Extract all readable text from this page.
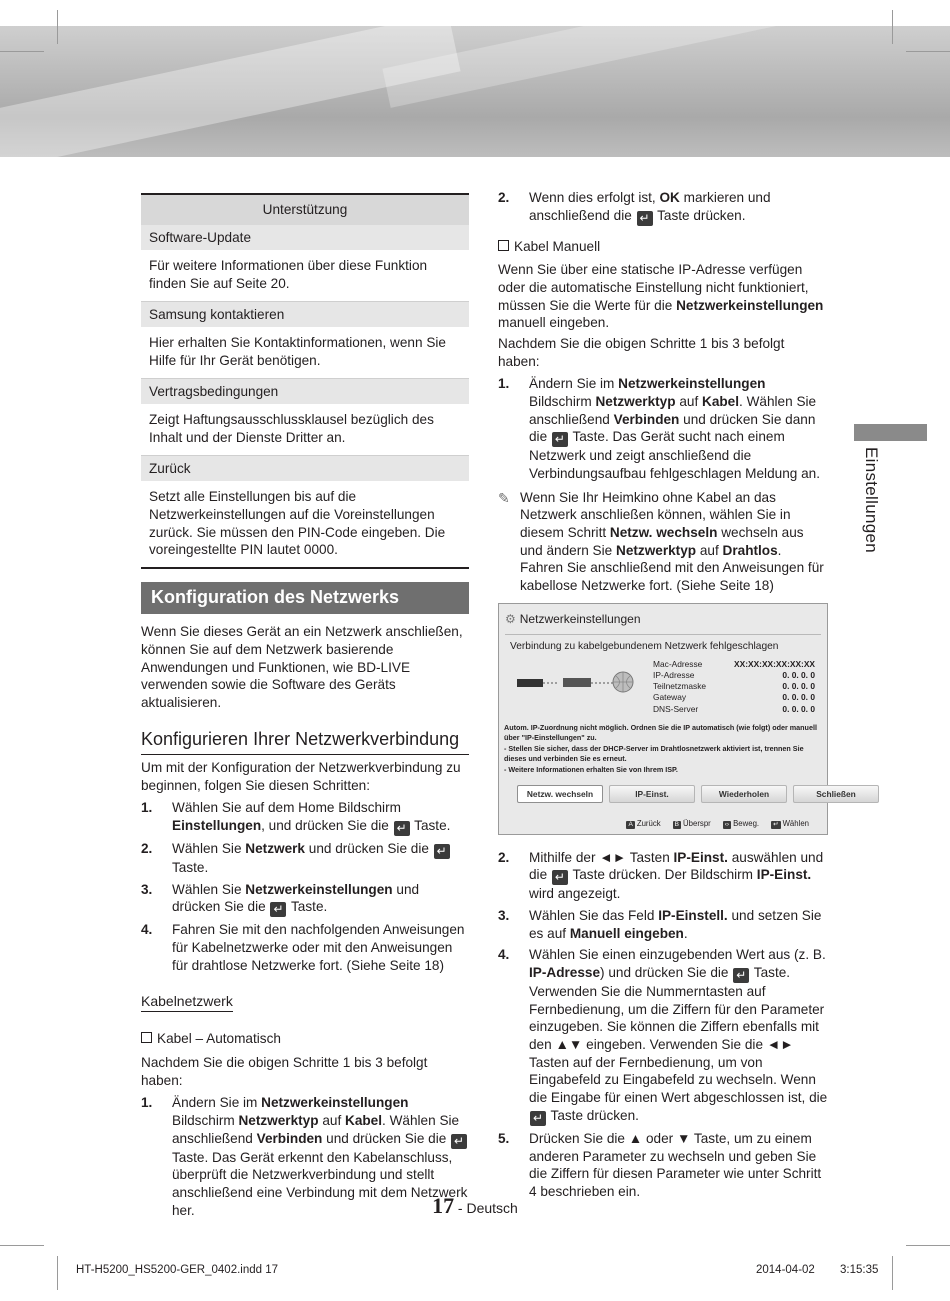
Einstellungen
Unterstützung
Software-Update
Für weitere Informationen über diese Funktion finden Sie auf Seite 20.
Samsung kontaktieren
Hier erhalten Sie Kontaktinformationen, wenn Sie Hilfe für Ihr Gerät benötigen.
Vertragsbedingungen
Zeigt Haftungsausschlussklausel bezüglich des Inhalt und der Dienste Dritter an.
Zurück
Setzt alle Einstellungen bis auf die Netzwerkeinstellungen auf die Voreinstellungen zurück. Sie müssen den PIN-Code eingeben. Die voreingestellte PIN lautet 0000.
Konfiguration des Netzwerks

Wenn Sie dieses Gerät an ein Netzwerk anschließen, können Sie auf dem Netzwerk basierende Anwendungen und Funktionen, wie BD-LIVE verwenden sowie die Software des Geräts aktualisieren.

Konfigurieren Ihrer Netzwerkverbindung

Um mit der Konfiguration der Netzwerkverbindung zu beginnen, folgen Sie diesen Schritten:

1. Wählen Sie auf dem Home Bildschirm Einstellungen, und drücken Sie die ↵ Taste.
2. Wählen Sie Netzwerk und drücken Sie die ↵ Taste.
3. Wählen Sie Netzwerkeinstellungen und drücken Sie die ↵ Taste.
4. Fahren Sie mit den nachfolgenden Anweisungen für Kabelnetzwerke oder mit den Anweisungen für drahtlose Netzwerke fort. (Siehe Seite 18)
Kabelnetzwerk
Kabel – Automatisch

Nachdem Sie die obigen Schritte 1 bis 3 befolgt haben:

1. Ändern Sie im Netzwerkeinstellungen Bildschirm Netzwerktyp auf Kabel. Wählen Sie anschließend Verbinden und drücken Sie die ↵ Taste. Das Gerät erkennt den Kabelanschluss, überprüft die Netzwerkverbindung und stellt anschließend eine Verbindung mit dem Netzwerk her.
2. Wenn dies erfolgt ist, OK markieren und anschließend die ↵ Taste drücken.
Kabel Manuell

Wenn Sie über eine statische IP-Adresse verfügen oder die automatische Einstellung nicht funktioniert, müssen Sie die Werte für die Netzwerkeinstellungen manuell eingeben.

Nachdem Sie die obigen Schritte 1 bis 3 befolgt haben:

1. Ändern Sie im Netzwerkeinstellungen Bildschirm Netzwerktyp auf Kabel. Wählen Sie anschließend Verbinden und drücken Sie dann die ↵ Taste. Das Gerät sucht nach einem Netzwerk und zeigt anschließend die Verbindungsaufbau fehlgeschlagen Meldung an.
✎ Wenn Sie Ihr Heimkino ohne Kabel an das Netzwerk anschließen können, wählen Sie in diesem Schritt Netzw. wechseln wechseln aus und ändern Sie Netzwerktyp auf Drahtlos. Fahren Sie anschließend mit den Anweisungen für kabellose Netzwerke fort. (Siehe Seite 18)
⚙ Netzwerkeinstellungen
Verbindung zu kabelgebundenem Netzwerk fehlgeschlagen
Mac-Adresse	XX:XX:XX:XX:XX:XX
IP-Adresse	0. 0. 0. 0
Teilnetzmaske	0. 0. 0. 0
Gateway	0. 0. 0. 0
DNS-Server	0. 0. 0. 0
Autom. IP-Zuordnung nicht möglich. Ordnen Sie die IP automatisch (wie folgt) oder manuell über "IP-Einstellungen" zu.
- Stellen Sie sicher, dass der DHCP-Server im Drahtlosnetzwerk aktiviert ist, trennen Sie dieses und verbinden Sie es erneut.
- Weitere Informationen erhalten Sie von Ihrem ISP.
Netzw. wechseln	IP-Einst.	Wiederholen	Schließen
A Zurück	B Überspr	‹› Beweg.	↵ Wählen
2. Mithilfe der ◄► Tasten IP-Einst. auswählen und die ↵ Taste drücken. Der Bildschirm IP-Einst. wird angezeigt.
3. Wählen Sie das Feld IP-Einstell. und setzen Sie es auf Manuell eingeben.
4. Wählen Sie einen einzugebenden Wert aus (z. B. IP-Adresse) und drücken Sie die ↵ Taste. Verwenden Sie die Nummerntasten auf Fernbedienung, um die Ziffern für den Parameter einzugeben. Sie können die Ziffern ebenfalls mit den ▲▼ eingeben. Verwenden Sie die ◄► Tasten auf der Fernbedienung, um von Eingabefeld zu Eingabefeld zu wechseln. Wenn die Eingabe für einen Wert abgeschlossen ist, die ↵ Taste drücken.
5. Drücken Sie die ▲ oder ▼ Taste, um zu einem anderen Parameter zu wechseln und geben Sie die Ziffern für diesen Parameter wie unter Schritt 4 beschrieben ein.
17 - Deutsch
HT-H5200_HS5200-GER_0402.indd 17	2014-04-02 3:15:35
